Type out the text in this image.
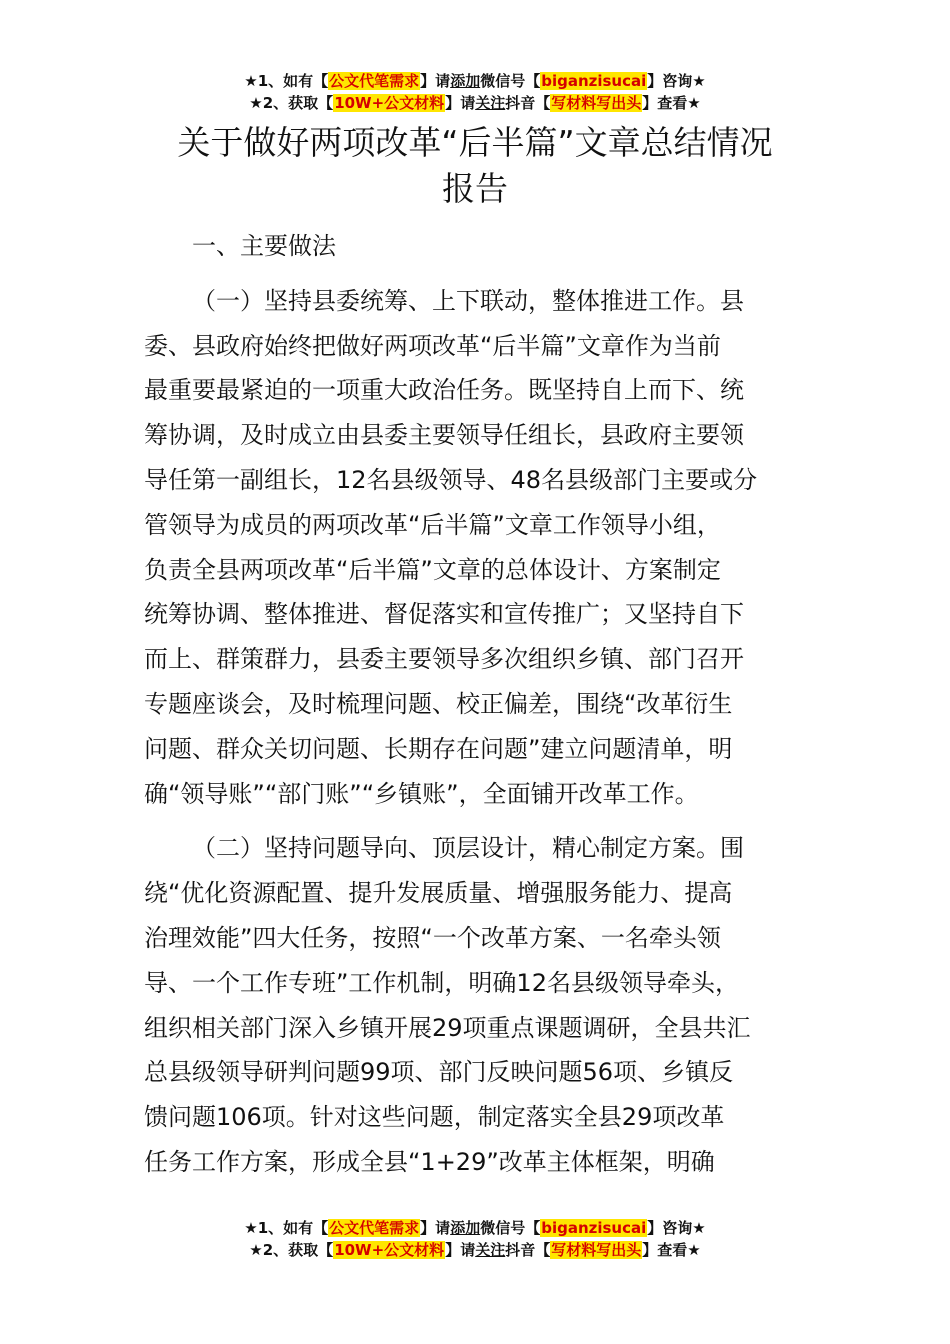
★1、如有【公文代笔需求】请添加微信号【biganzisucai】咨询★
★2、获取【10W+公文材料】请关注抖音【写材料写出头】查看★
关于做好两项改革“后半篇”文章总结情况
报告
一、主要做法
（一）坚持县委统筹、上下联动，整体推进工作。县
委、县政府始终把做好两项改革“后半篇”文章作为当前
最重要最紧迫的一项重大政治任务。既坚持自上而下、统
筹协调，及时成立由县委主要领导任组长，县政府主要领
导任第一副组长，12名县级领导、48名县级部门主要或分
管领导为成员的两项改革“后半篇”文章工作领导小组，
负责全县两项改革“后半篇”文章的总体设计、方案制定
统筹协调、整体推进、督促落实和宣传推广；又坚持自下
而上、群策群力，县委主要领导多次组织乡镇、部门召开
专题座谈会，及时梳理问题、校正偏差，围绕“改革衍生
问题、群众关切问题、长期存在问题”建立问题清单，明
确“领导账”“部门账”“乡镇账”，全面铺开改革工作。
（二）坚持问题导向、顶层设计，精心制定方案。围
绕“优化资源配置、提升发展质量、增强服务能力、提高
治理效能”四大任务，按照“一个改革方案、一名牵头领
导、一个工作专班”工作机制，明确12名县级领导牵头，
组织相关部门深入乡镇开展29项重点课题调研，全县共汇
总县级领导研判问题99项、部门反映问题56项、乡镇反
馈问题106项。针对这些问题，制定落实全县29项改革
任务工作方案，形成全县“1+29”改革主体框架，明确
★1、如有【公文代笔需求】请添加微信号【biganzisucai】咨询★
★2、获取【10W+公文材料】请关注抖音【写材料写出头】查看★
